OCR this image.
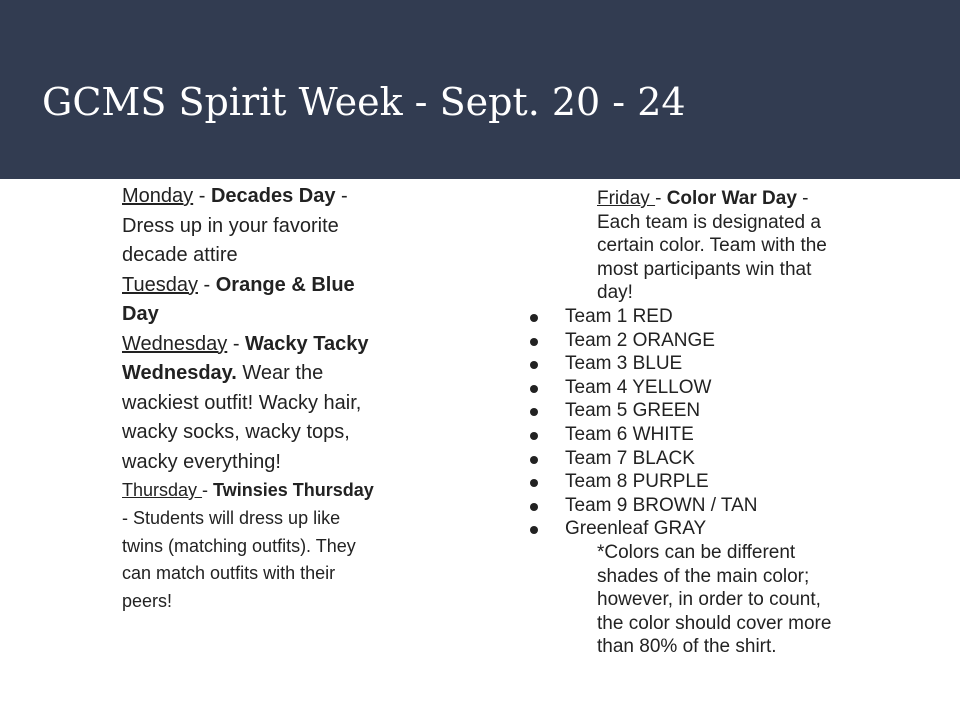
GCMS Spirit Week - Sept. 20 - 24

Monday - Decades Day - Dress up in your favorite decade attire

Tuesday - Orange & Blue Day

Wednesday - Wacky Tacky Wednesday. Wear the wackiest outfit! Wacky hair, wacky socks, wacky tops, wacky everything!

Thursday - Twinsies Thursday - Students will dress up like twins (matching outfits). They can match outfits with their peers!

Friday - Color War Day - Each team is designated a certain color. Team with the most participants win that day!

Team 1 RED
Team 2 ORANGE
Team 3 BLUE
Team 4 YELLOW
Team 5 GREEN
Team 6 WHITE
Team 7 BLACK
Team 8 PURPLE
Team 9 BROWN / TAN
Greenleaf GRAY

*Colors can be different shades of the main color; however, in order to count, the color should cover more than 80% of the shirt.
